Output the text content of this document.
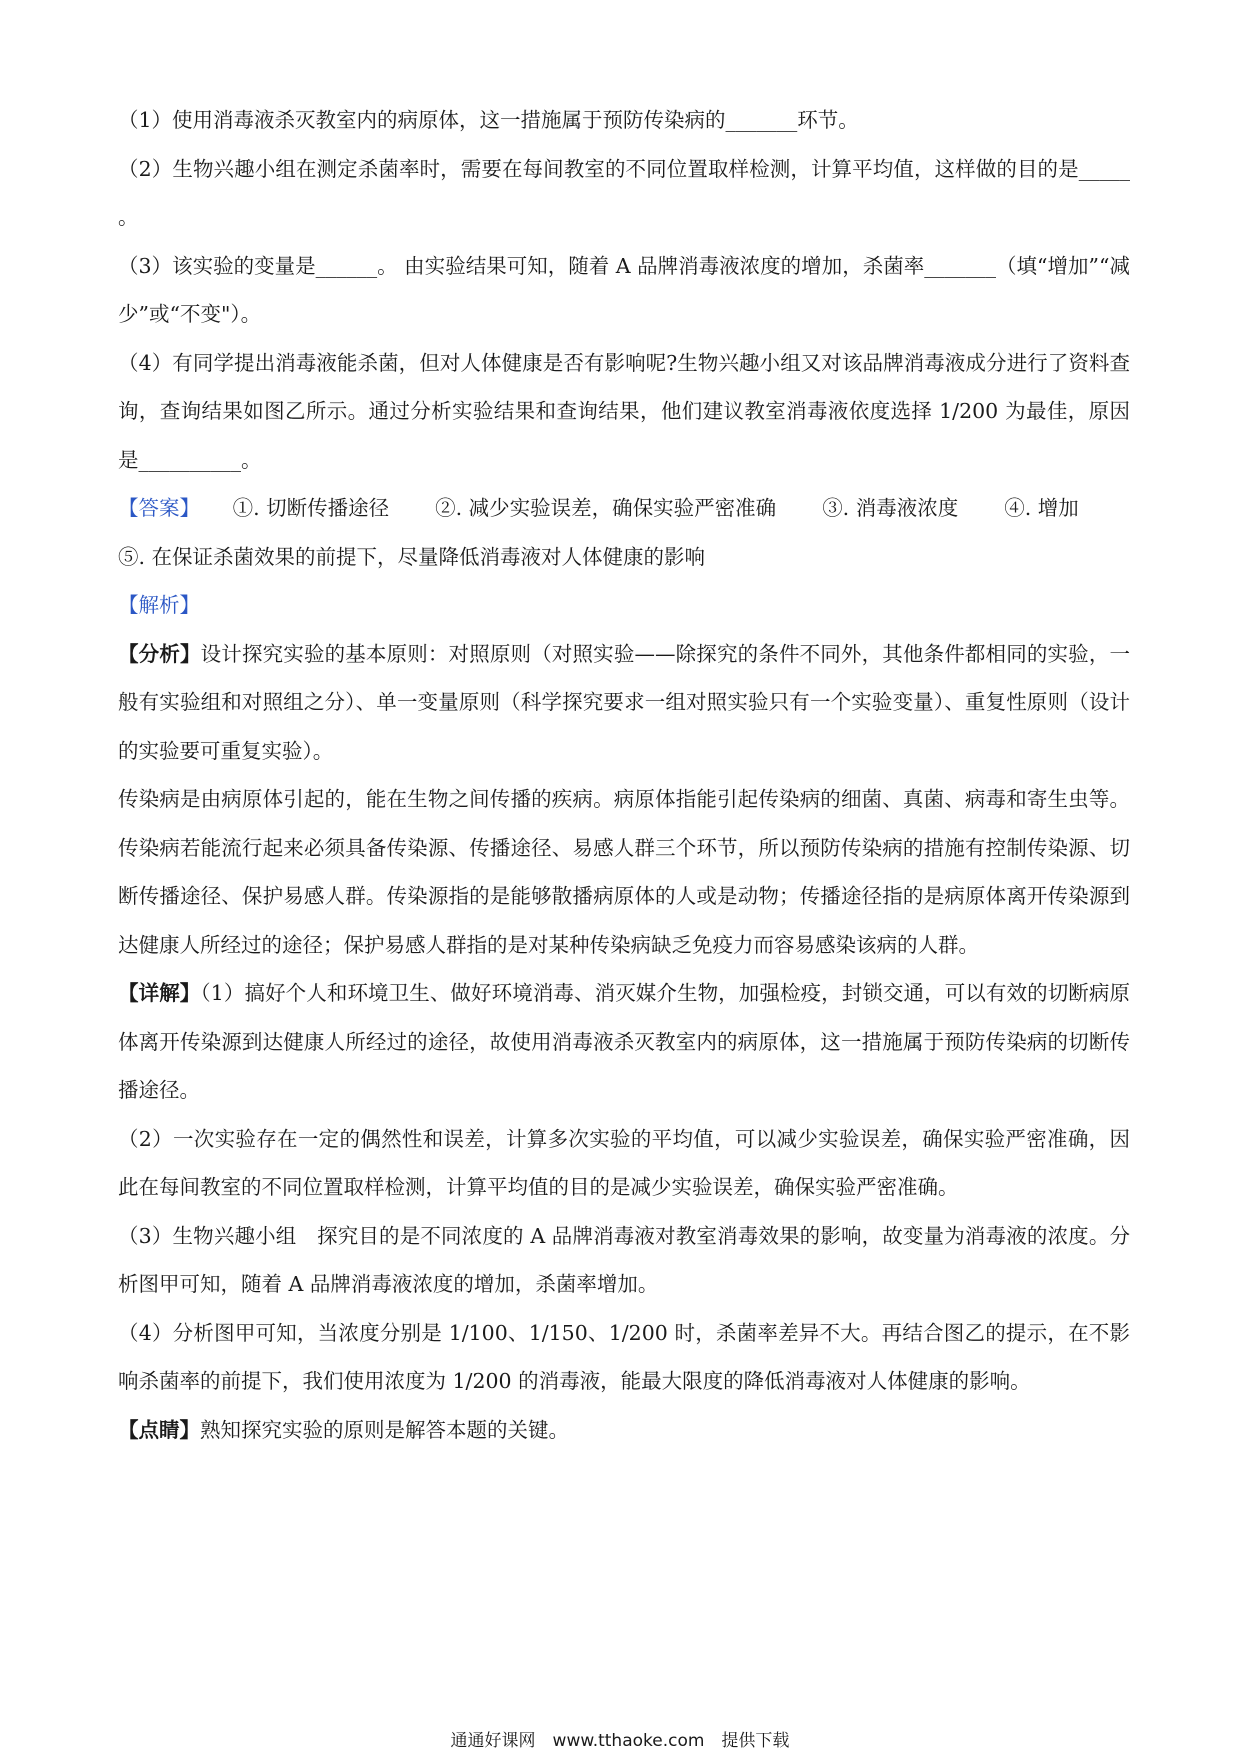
（1）使用消毒液杀灭教室内的病原体，这一措施属于预防传染病的_______环节。

（2）生物兴趣小组在测定杀菌率时，需要在每间教室的不同位置取样检测，计算平均值，这样做的目的是_____ 。

（3）该实验的变量是______。 由实验结果可知，随着 A 品牌消毒液浓度的增加，杀菌率_______（填“增加”“减少”或“不变"）。

（4）有同学提出消毒液能杀菌，但对人体健康是否有影响呢?生物兴趣小组又对该品牌消毒液成分进行了资料查询，查询结果如图乙所示。通过分析实验结果和查询结果，他们建议教室消毒液依度选择 1/200 为最佳，原因是__________。

【答案】 ①. 切断传播途径 ②. 减少实验误差，确保实验严密准确 ③. 消毒液浓度 ④. 增加
⑤. 在保证杀菌效果的前提下，尽量降低消毒液对人体健康的影响

【解析】

【分析】设计探究实验的基本原则：对照原则（对照实验——除探究的条件不同外，其他条件都相同的实验，一般有实验组和对照组之分）、单一变量原则（科学探究要求一组对照实验只有一个实验变量）、重复性原则（设计的实验要可重复实验）。

传染病是由病原体引起的，能在生物之间传播的疾病。病原体指能引起传染病的细菌、真菌、病毒和寄生虫等。传染病若能流行起来必须具备传染源、传播途径、易感人群三个环节，所以预防传染病的措施有控制传染源、切断传播途径、保护易感人群。传染源指的是能够散播病原体的人或是动物；传播途径指的是病原体离开传染源到达健康人所经过的途径；保护易感人群指的是对某种传染病缺乏免疫力而容易感染该病的人群。

【详解】（1）搞好个人和环境卫生、做好环境消毒、消灭媒介生物，加强检疫，封锁交通，可以有效的切断病原体离开传染源到达健康人所经过的途径，故使用消毒液杀灭教室内的病原体，这一措施属于预防传染病的切断传播途径。

（2）一次实验存在一定的偶然性和误差，计算多次实验的平均值，可以减少实验误差，确保实验严密准确，因此在每间教室的不同位置取样检测，计算平均值的目的是减少实验误差，确保实验严密准确。

（3）生物兴趣小组　探究目的是不同浓度的 A 品牌消毒液对教室消毒效果的影响，故变量为消毒液的浓度。分析图甲可知，随着 A 品牌消毒液浓度的增加，杀菌率增加。

（4）分析图甲可知，当浓度分别是 1/100、1/150、1/200 时，杀菌率差异不大。再结合图乙的提示，在不影响杀菌率的前提下，我们使用浓度为 1/200 的消毒液，能最大限度的降低消毒液对人体健康的影响。

【点睛】熟知探究实验的原则是解答本题的关键。

通通好课网　www.tthaoke.com　提供下载
